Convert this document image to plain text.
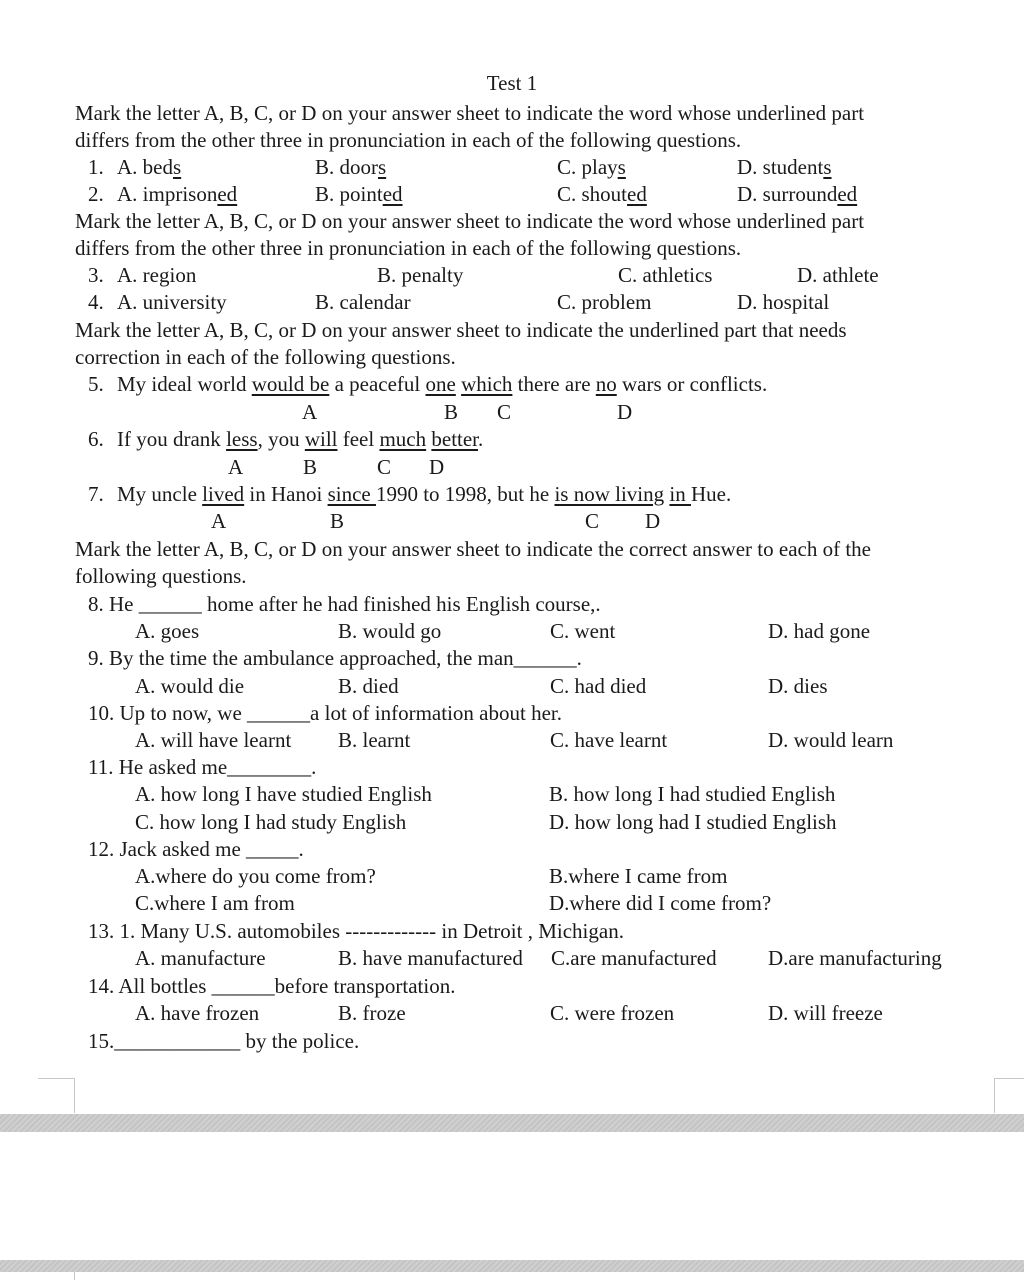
Test 1
Mark the letter A, B, C, or D on your answer sheet to indicate the word whose underlined part
differs from the other three in pronunciation in each of the following questions.
1. A. beds	B. doors	C. plays	D. students
2. A. imprisoned	B. pointed	C. shouted	D. surrounded
Mark the letter A, B, C, or D on your answer sheet to indicate the word whose underlined part
differs from the other three in pronunciation in each of the following questions.
3. A. region	B. penalty	C. athletics	D. athlete
4. A. university	B. calendar	C. problem	D. hospital
Mark the letter A, B, C, or D on your answer sheet to indicate the underlined part that needs
correction in each of the following questions.
5. My ideal world would be a peaceful one which there are no wars or conflicts.
A	B C	D
6. If you drank less, you will feel much better.
A	B	C D
7. My uncle lived in Hanoi since 1990 to 1998, but he is now living in Hue.
A	B	C D
Mark the letter A, B, C, or D on your answer sheet to indicate the correct answer to each of the
following questions.
8. He ______ home after he had finished his English course,.
A. goes	B. would go	C. went	D. had gone
9. By the time the ambulance approached, the man______.
A. would die	B. died	C. had died	D. dies
10. Up to now, we ______a lot of information about her.
A. will have learnt B. learnt	C. have learnt	D. would learn
11. He asked me________.
A. how long I have studied English	B. how long I had studied English
C. how long I had study English	D. how long had I studied English
12. Jack asked me _____.
A.where do you come from?	B.where I came from
C.where I am from	D.where did I come from?
13. 1. Many U.S. automobiles ------------- in Detroit , Michigan.
A. manufacture	B. have manufactured C.are manufactured D.are manufacturing
14. All bottles ______before transportation.
A. have frozen	B. froze	C. were frozen	D. will freeze
15.____________ by the police.
